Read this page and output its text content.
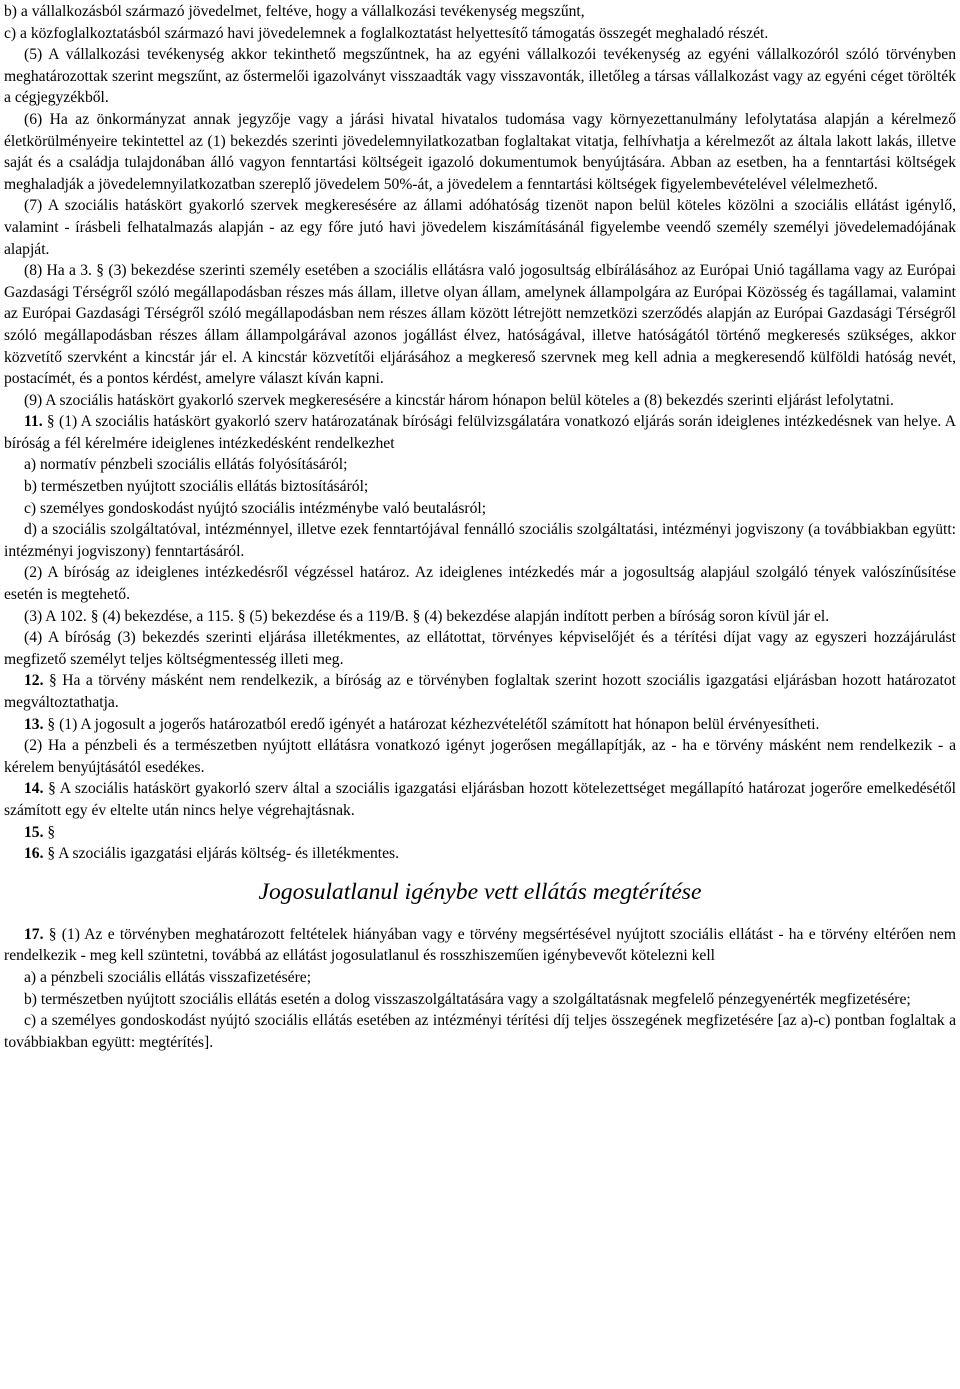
b) a vállalkozásból származó jövedelmet, feltéve, hogy a vállalkozási tevékenység megszűnt,

c) a közfoglalkoztatásból származó havi jövedelemnek a foglalkoztatást helyettesítő támogatás összegét meghaladó részét.

(5) A vállalkozási tevékenység akkor tekinthető megszűntnek, ha az egyéni vállalkozói tevékenység az egyéni vállalkozóról szóló törvényben meghatározottak szerint megszűnt, az őstermelői igazolványt visszaadták vagy visszavonták, illetőleg a társas vállalkozást vagy az egyéni céget törölték a cégjegyzékből.

(6) Ha az önkormányzat annak jegyzője vagy a járási hivatal hivatalos tudomása vagy környezettanulmány lefolytatása alapján a kérelmező életkörülményeire tekintettel az (1) bekezdés szerinti jövedelemnyilatkozatban foglaltakat vitatja, felhívhatja a kérelmezőt az általa lakott lakás, illetve saját és a családja tulajdonában álló vagyon fenntartási költségeit igazoló dokumentumok benyújtására. Abban az esetben, ha a fenntartási költségek meghaladják a jövedelemnyilatkozatban szereplő jövedelem 50%-át, a jövedelem a fenntartási költségek figyelembevételével vélelmezhető.

(7) A szociális hatáskört gyakorló szervek megkeresésére az állami adóhatóság tizenöt napon belül köteles közölni a szociális ellátást igénylő, valamint - írásbeli felhatalmazás alapján - az egy főre jutó havi jövedelem kiszámításánál figyelembe veendő személy személyi jövedelemadójának alapját.

(8) Ha a 3. § (3) bekezdése szerinti személy esetében a szociális ellátásra való jogosultság elbírálásához az Európai Unió tagállama vagy az Európai Gazdasági Térségről szóló megállapodásban részes más állam, illetve olyan állam, amelynek állampolgára az Európai Közösség és tagállamai, valamint az Európai Gazdasági Térségről szóló megállapodásban nem részes állam között létrejött nemzetközi szerződés alapján az Európai Gazdasági Térségről szóló megállapodásban részes állam állampolgárával azonos jogállást élvez, hatóságával, illetve hatóságától történő megkeresés szükséges, akkor közvetítő szervként a kincstár jár el. A kincstár közvetítői eljárásához a megkereső szervnek meg kell adnia a megkeresendő külföldi hatóság nevét, postacímét, és a pontos kérdést, amelyre választ kíván kapni.

(9) A szociális hatáskört gyakorló szervek megkeresésére a kincstár három hónapon belül köteles a (8) bekezdés szerinti eljárást lefolytatni.

11. § (1) A szociális hatáskört gyakorló szerv határozatának bírósági felülvizsgálatára vonatkozó eljárás során ideiglenes intézkedésnek van helye. A bíróság a fél kérelmére ideiglenes intézkedésként rendelkezhet

a) normatív pénzbeli szociális ellátás folyósításáról;

b) természetben nyújtott szociális ellátás biztosításáról;

c) személyes gondoskodást nyújtó szociális intézménybe való beutalásról;

d) a szociális szolgáltatóval, intézménnyel, illetve ezek fenntartójával fennálló szociális szolgáltatási, intézményi jogviszony (a továbbiakban együtt: intézményi jogviszony) fenntartásáról.

(2) A bíróság az ideiglenes intézkedésről végzéssel határoz. Az ideiglenes intézkedés már a jogosultság alapjául szolgáló tények valószínűsítése esetén is megtehető.

(3) A 102. § (4) bekezdése, a 115. § (5) bekezdése és a 119/B. § (4) bekezdése alapján indított perben a bíróság soron kívül jár el.

(4) A bíróság (3) bekezdés szerinti eljárása illetékmentes, az ellátottat, törvényes képviselőjét és a térítési díjat vagy az egyszeri hozzájárulást megfizető személyt teljes költségmentesség illeti meg.

12. § Ha a törvény másként nem rendelkezik, a bíróság az e törvényben foglaltak szerint hozott szociális igazgatási eljárásban hozott határozatot megváltoztathatja.

13. § (1) A jogosult a jogerős határozatból eredő igényét a határozat kézhezvételétől számított hat hónapon belül érvényesítheti.

(2) Ha a pénzbeli és a természetben nyújtott ellátásra vonatkozó igényt jogerősen megállapítják, az - ha e törvény másként nem rendelkezik - a kérelem benyújtásától esedékes.

14. § A szociális hatáskört gyakorló szerv által a szociális igazgatási eljárásban hozott kötelezettséget megállapító határozat jogerőre emelkedésétől számított egy év eltelte után nincs helye végrehajtásnak.

15. §

16. § A szociális igazgatási eljárás költség- és illetékmentes.

Jogosulatlanul igénybe vett ellátás megtérítése

17. § (1) Az e törvényben meghatározott feltételek hiányában vagy e törvény megsértésével nyújtott szociális ellátást - ha e törvény eltérően nem rendelkezik - meg kell szüntetni, továbbá az ellátást jogosulatlanul és rosszhiszeműen igénybevevőt kötelezni kell

a) a pénzbeli szociális ellátás visszafizetésére;

b) természetben nyújtott szociális ellátás esetén a dolog visszaszolgáltatására vagy a szolgáltatásnak megfelelő pénzegyenérték megfizetésére;

c) a személyes gondoskodást nyújtó szociális ellátás esetében az intézményi térítési díj teljes összegének megfizetésére [az a)-c) pontban foglaltak a továbbiakban együtt: megtérítés].
